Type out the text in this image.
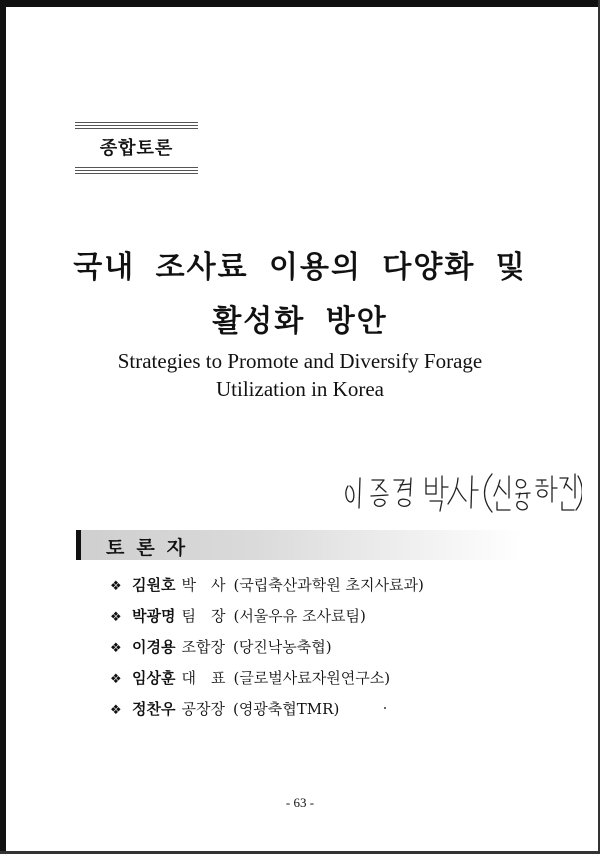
종합토론
국내 조사료 이용의 다양화 및
활성화 방안
Strategies to Promote and Diversify Forage
Utilization in Korea
토론자
❖ 김원호 박　사 (국립축산과학원 초지사료과)
❖ 박광명 팀　장 (서울우유 조사료팀)
❖ 이경용 조합장 (당진낙농축협)
❖ 임상훈 대　표 (글로벌사료자원연구소)
❖ 정찬우 공장장 (영광축협TMR)
- 63 -
